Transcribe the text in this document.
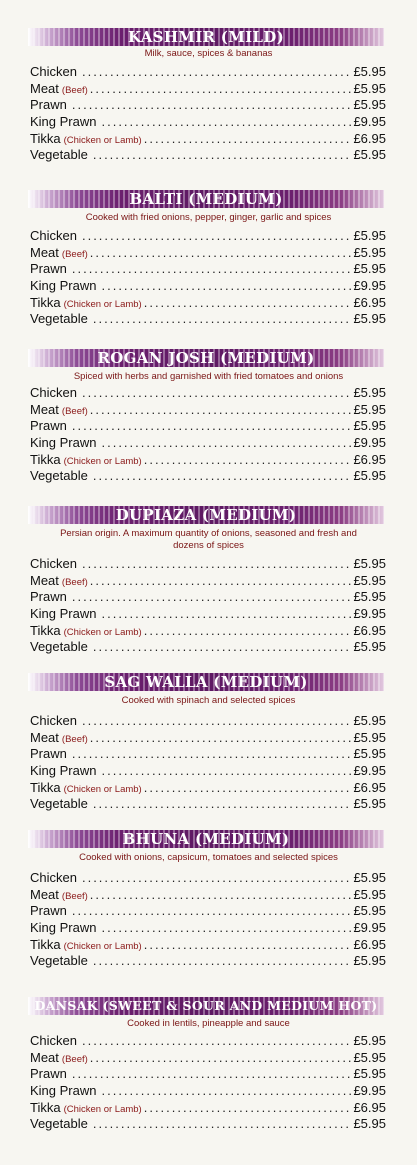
KASHMIR (MILD)
Milk, sauce, spices & bananas
Chicken .....	£5.95
Meat (Beef) .....	£5.95
Prawn .....	£5.95
King Prawn .....	£9.95
Tikka (Chicken or Lamb) .....	£6.95
Vegetable .....	£5.95
BALTI (MEDIUM)
Cooked with fried onions, pepper, ginger, garlic and spices
Chicken .....	£5.95
Meat (Beef) .....	£5.95
Prawn .....	£5.95
King Prawn .....	£9.95
Tikka (Chicken or Lamb) .....	£6.95
Vegetable .....	£5.95
ROGAN JOSH (MEDIUM)
Spiced with herbs and garnished with fried tomatoes and onions
Chicken .....	£5.95
Meat (Beef) .....	£5.95
Prawn .....	£5.95
King Prawn .....	£9.95
Tikka (Chicken or Lamb) .....	£6.95
Vegetable .....	£5.95
DUPIAZA (MEDIUM)
Persian origin. A maximum quantity of onions, seasoned and fresh and dozens of spices
Chicken .....	£5.95
Meat (Beef) .....	£5.95
Prawn .....	£5.95
King Prawn .....	£9.95
Tikka (Chicken or Lamb) .....	£6.95
Vegetable .....	£5.95
SAG WALLA (MEDIUM)
Cooked with spinach and selected spices
Chicken .....	£5.95
Meat (Beef) .....	£5.95
Prawn .....	£5.95
King Prawn .....	£9.95
Tikka (Chicken or Lamb) .....	£6.95
Vegetable .....	£5.95
BHUNA (MEDIUM)
Cooked with onions, capsicum, tomatoes and selected spices
Chicken .....	£5.95
Meat (Beef) .....	£5.95
Prawn .....	£5.95
King Prawn .....	£9.95
Tikka (Chicken or Lamb) .....	£6.95
Vegetable .....	£5.95
DANSAK (SWEET & SOUR AND MEDIUM HOT)
Cooked in lentils, pineapple and sauce
Chicken .....	£5.95
Meat (Beef) .....	£5.95
Prawn .....	£5.95
King Prawn .....	£9.95
Tikka (Chicken or Lamb) .....	£6.95
Vegetable .....	£5.95
